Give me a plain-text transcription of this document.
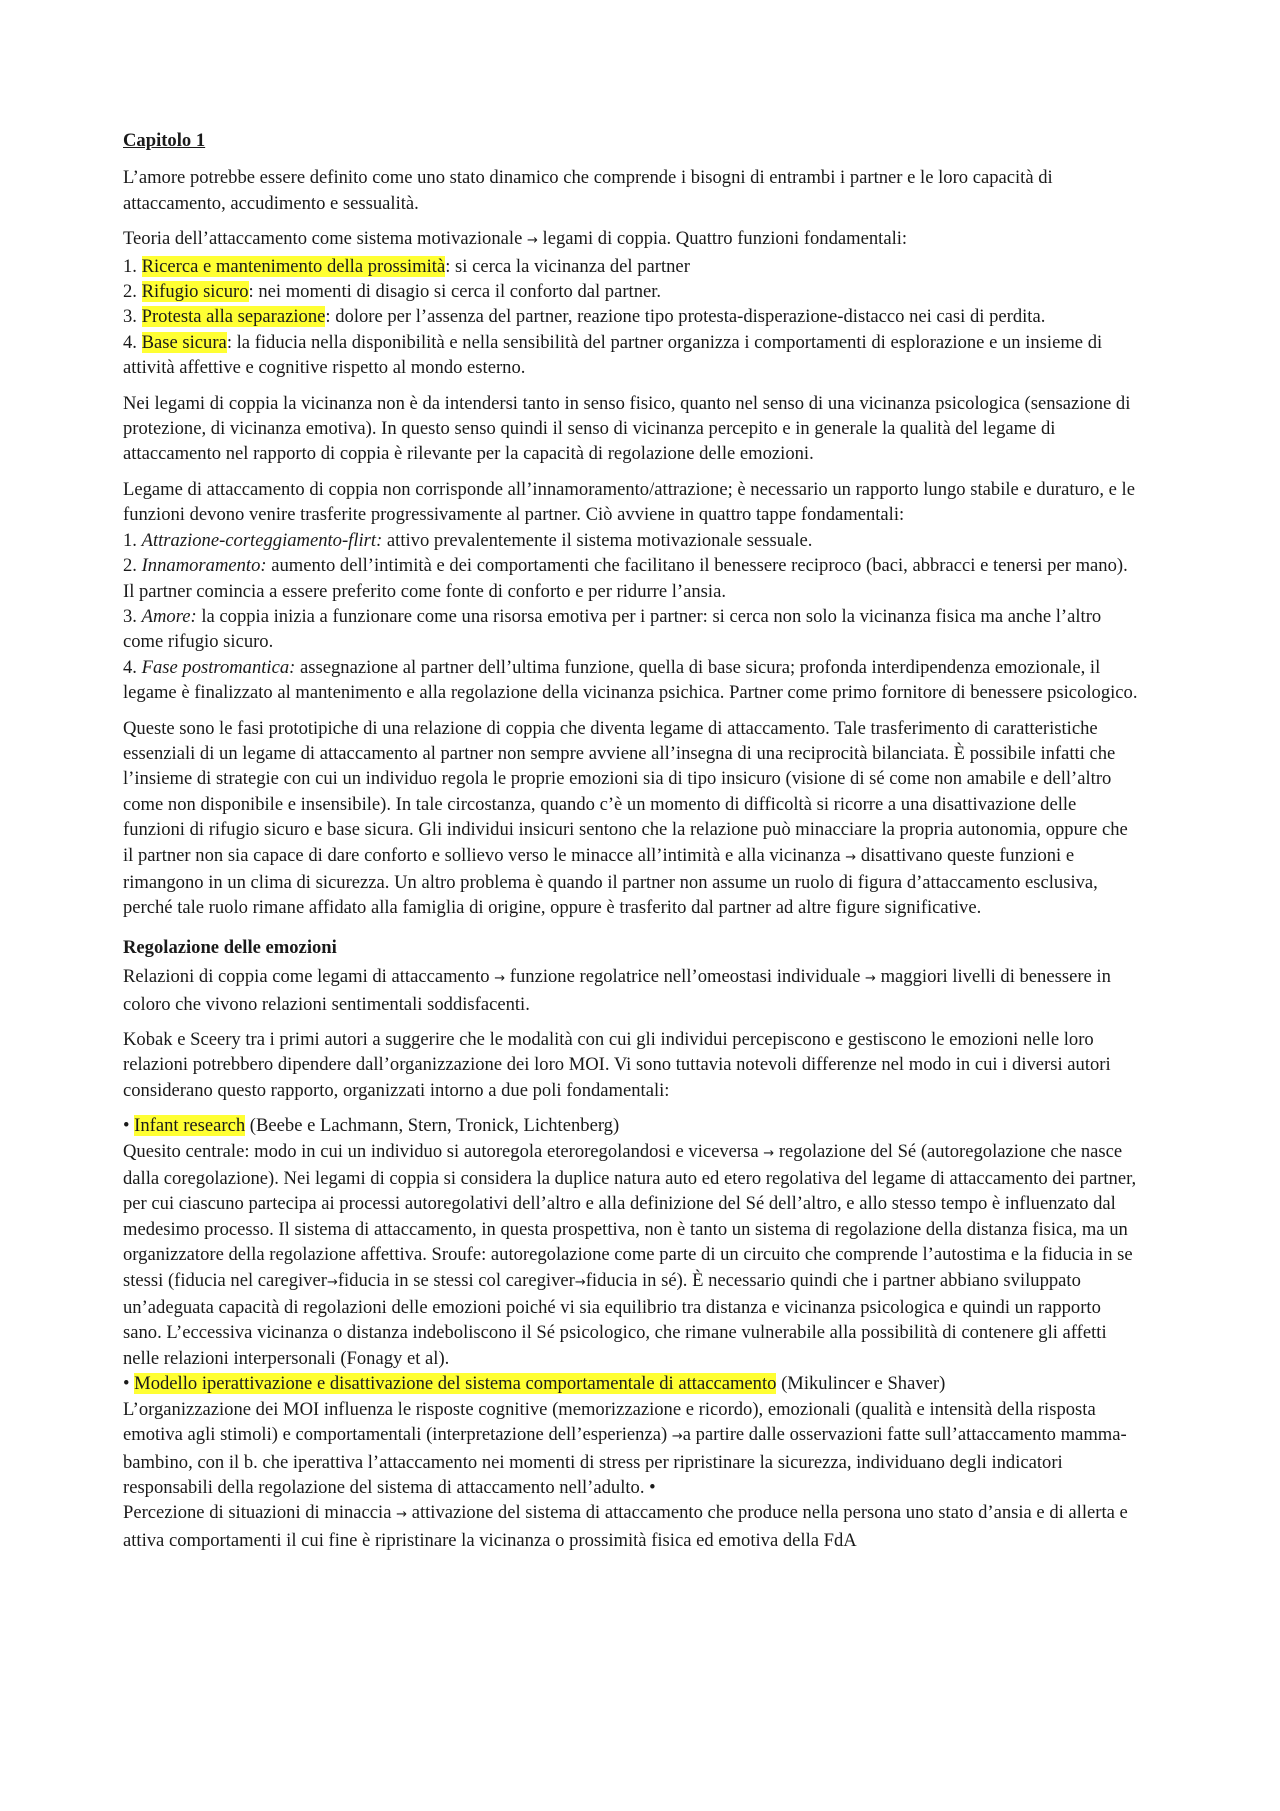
Capitolo 1

L’amore potrebbe essere definito come uno stato dinamico che comprende i bisogni di entrambi i partner e le loro capacità di attaccamento, accudimento e sessualità.

Teoria dell’attaccamento come sistema motivazionale → legami di coppia. Quattro funzioni fondamentali:
1. Ricerca e mantenimento della prossimità: si cerca la vicinanza del partner
2. Rifugio sicuro: nei momenti di disagio si cerca il conforto dal partner.
3. Protesta alla separazione: dolore per l’assenza del partner, reazione tipo protesta-disperazione-distacco nei casi di perdita.
4. Base sicura: la fiducia nella disponibilità e nella sensibilità del partner organizza i comportamenti di esplorazione e un insieme di attività affettive e cognitive rispetto al mondo esterno.

Nei legami di coppia la vicinanza non è da intendersi tanto in senso fisico, quanto nel senso di una vicinanza psicologica (sensazione di protezione, di vicinanza emotiva). In questo senso quindi il senso di vicinanza percepito e in generale la qualità del legame di attaccamento nel rapporto di coppia è rilevante per la capacità di regolazione delle emozioni.

Legame di attaccamento di coppia non corrisponde all’innamoramento/attrazione; è necessario un rapporto lungo stabile e duraturo, e le funzioni devono venire trasferite progressivamente al partner. Ciò avviene in quattro tappe fondamentali:
1. Attrazione-corteggiamento-flirt: attivo prevalentemente il sistema motivazionale sessuale.
2. Innamoramento: aumento dell’intimità e dei comportamenti che facilitano il benessere reciproco (baci, abbracci e tenersi per mano). Il partner comincia a essere preferito come fonte di conforto e per ridurre l’ansia.
3. Amore: la coppia inizia a funzionare come una risorsa emotiva per i partner: si cerca non solo la vicinanza fisica ma anche l’altro come rifugio sicuro.
4. Fase postromantica: assegnazione al partner dell’ultima funzione, quella di base sicura; profonda interdipendenza emozionale, il legame è finalizzato al mantenimento e alla regolazione della vicinanza psichica. Partner come primo fornitore di benessere psicologico.

Queste sono le fasi prototipiche di una relazione di coppia che diventa legame di attaccamento. Tale trasferimento di caratteristiche essenziali di un legame di attaccamento al partner non sempre avviene all’insegna di una reciprocità bilanciata. È possibile infatti che l’insieme di strategie con cui un individuo regola le proprie emozioni sia di tipo insicuro (visione di sé come non amabile e dell’altro come non disponibile e insensibile). In tale circostanza, quando c’è un momento di difficoltà si ricorre a una disattivazione delle funzioni di rifugio sicuro e base sicura. Gli individui insicuri sentono che la relazione può minacciare la propria autonomia, oppure che il partner non sia capace di dare conforto e sollievo verso le minacce all’intimità e alla vicinanza → disattivano queste funzioni e rimangono in un clima di sicurezza. Un altro problema è quando il partner non assume un ruolo di figura d’attaccamento esclusiva, perché tale ruolo rimane affidato alla famiglia di origine, oppure è trasferito dal partner ad altre figure significative.

Regolazione delle emozioni

Relazioni di coppia come legami di attaccamento → funzione regolatrice nell’omeostasi individuale → maggiori livelli di benessere in coloro che vivono relazioni sentimentali soddisfacenti.

Kobak e Sceery tra i primi autori a suggerire che le modalità con cui gli individui percepiscono e gestiscono le emozioni nelle loro relazioni potrebbero dipendere dall’organizzazione dei loro MOI. Vi sono tuttavia notevoli differenze nel modo in cui i diversi autori considerano questo rapporto, organizzati intorno a due poli fondamentali:

• Infant research (Beebe e Lachmann, Stern, Tronick, Lichtenberg)
Quesito centrale: modo in cui un individuo si autoregola eteroregolandosi e viceversa → regolazione del Sé (autoregolazione che nasce dalla coregolazione). Nei legami di coppia si considera la duplice natura auto ed etero regolativa del legame di attaccamento dei partner, per cui ciascuno partecipa ai processi autoregolativi dell’altro e alla definizione del Sé dell’altro, e allo stesso tempo è influenzato dal medesimo processo. Il sistema di attaccamento, in questa prospettiva, non è tanto un sistema di regolazione della distanza fisica, ma un organizzatore della regolazione affettiva. Sroufe: autoregolazione come parte di un circuito che comprende l’autostima e la fiducia in se stessi (fiducia nel caregiver→fiducia in se stessi col caregiver→fiducia in sé). È necessario quindi che i partner abbiano sviluppato un’adeguata capacità di regolazioni delle emozioni poiché vi sia equilibrio tra distanza e vicinanza psicologica e quindi un rapporto sano. L’eccessiva vicinanza o distanza indeboliscono il Sé psicologico, che rimane vulnerabile alla possibilità di contenere gli affetti nelle relazioni interpersonali (Fonagy et al).
• Modello iperattivazione e disattivazione del sistema comportamentale di attaccamento (Mikulincer e Shaver)
L’organizzazione dei MOI influenza le risposte cognitive (memorizzazione e ricordo), emozionali (qualità e intensità della risposta emotiva agli stimoli) e comportamentali (interpretazione dell’esperienza) →a partire dalle osservazioni fatte sull’attaccamento mamma-bambino, con il b. che iperattiva l’attaccamento nei momenti di stress per ripristinare la sicurezza, individuano degli indicatori responsabili della regolazione del sistema di attaccamento nell’adulto. •
Percezione di situazioni di minaccia → attivazione del sistema di attaccamento che produce nella persona uno stato d’ansia e di allerta e attiva comportamenti il cui fine è ripristinare la vicinanza o prossimità fisica ed emotiva della FdA
